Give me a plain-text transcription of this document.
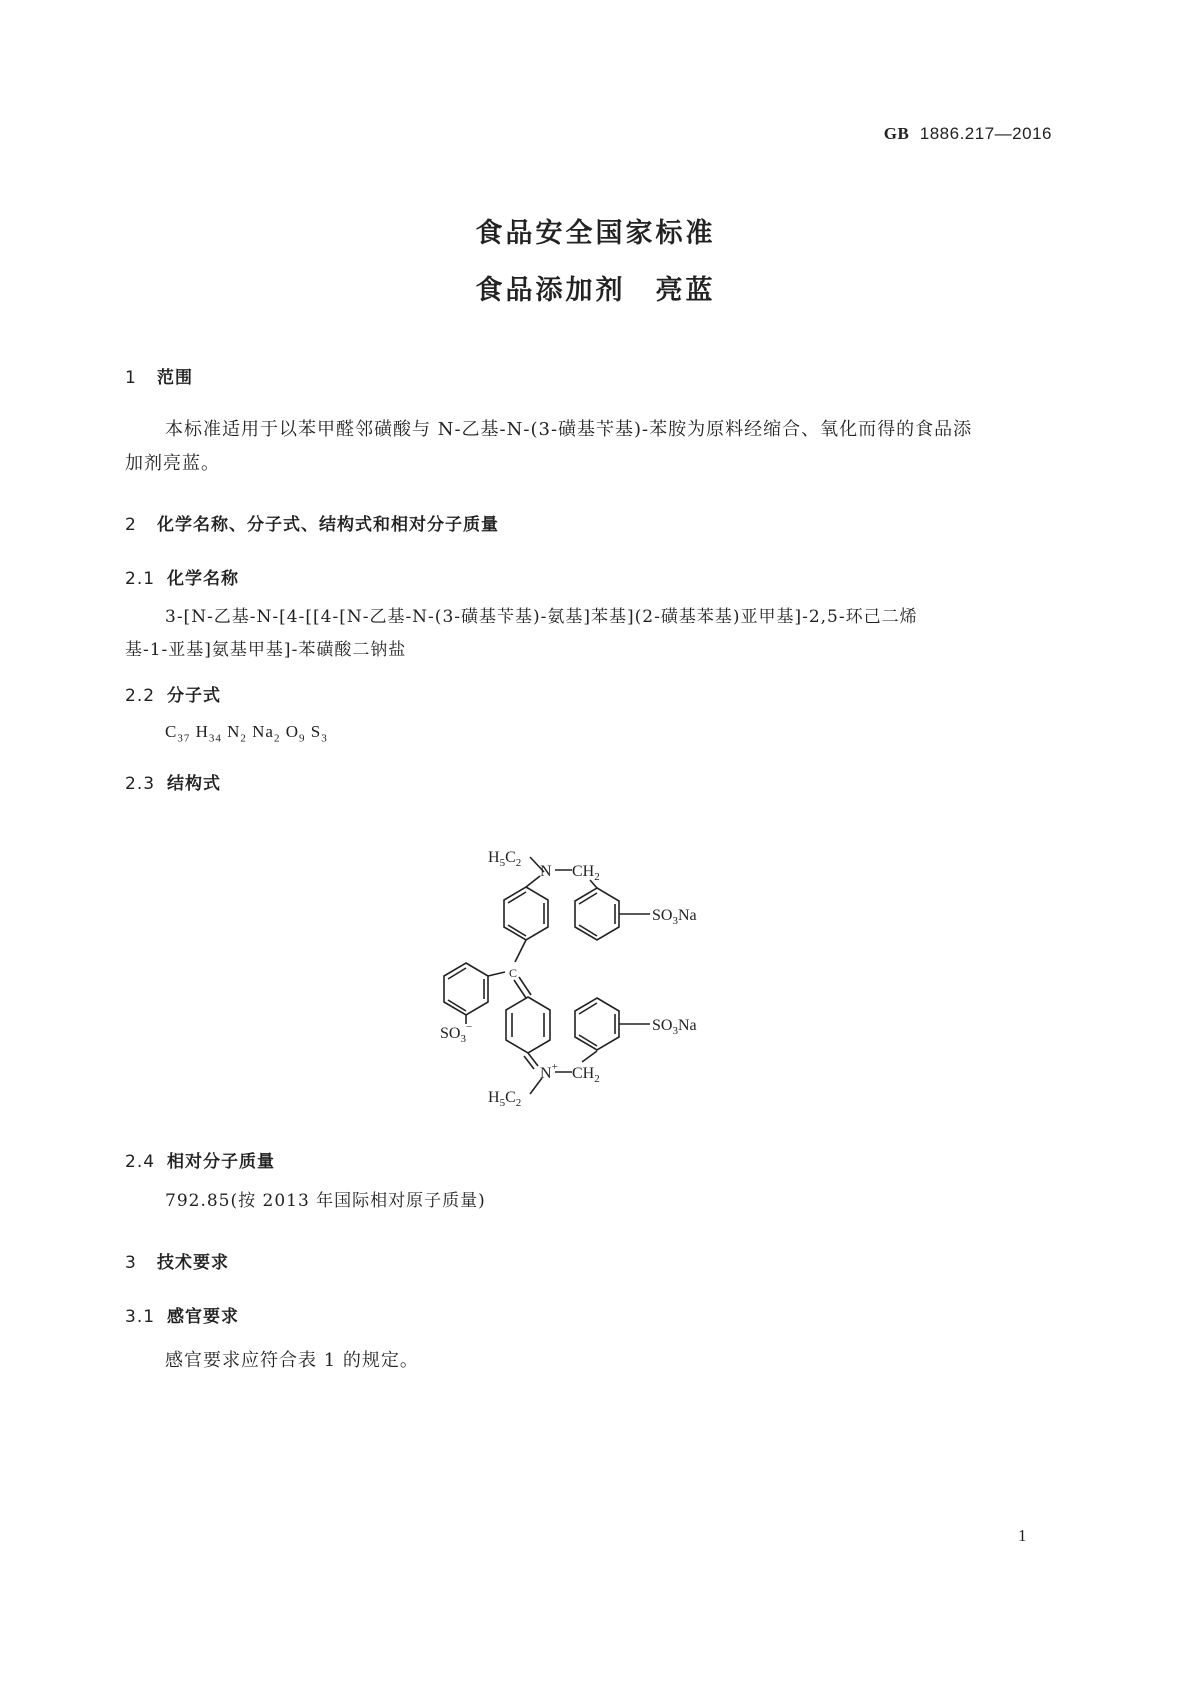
GB 1886.217—2016
食品安全国家标准
食品添加剂　亮蓝
1 范围
本标准适用于以苯甲醛邻磺酸与 N-乙基-N-(3-磺基苄基)-苯胺为原料经缩合、氧化而得的食品添
加剂亮蓝。
2 化学名称、分子式、结构式和相对分子质量
2.1 化学名称
3-[N-乙基-N-[4-[[4-[N-乙基-N-(3-磺基苄基)-氨基]苯基](2-磺基苯基)亚甲基]-2,5-环己二烯
基-1-亚基]氨基甲基]-苯磺酸二钠盐
2.2 分子式
$C_{37}$ $H_{34}$ $N_2$ $Na_2$ $O_9$ $S_3$
2.3 结构式
$H_5C_2$ N $CH_2$
$SO_3Na$
C
$SO_3^-$	$SO_3Na$
N+ $CH_2$
$H_5C_2$
2.4 相对分子质量
792.85(按 2013 年国际相对原子质量)
3 技术要求
3.1 感官要求
感官要求应符合表 1 的规定。
1
